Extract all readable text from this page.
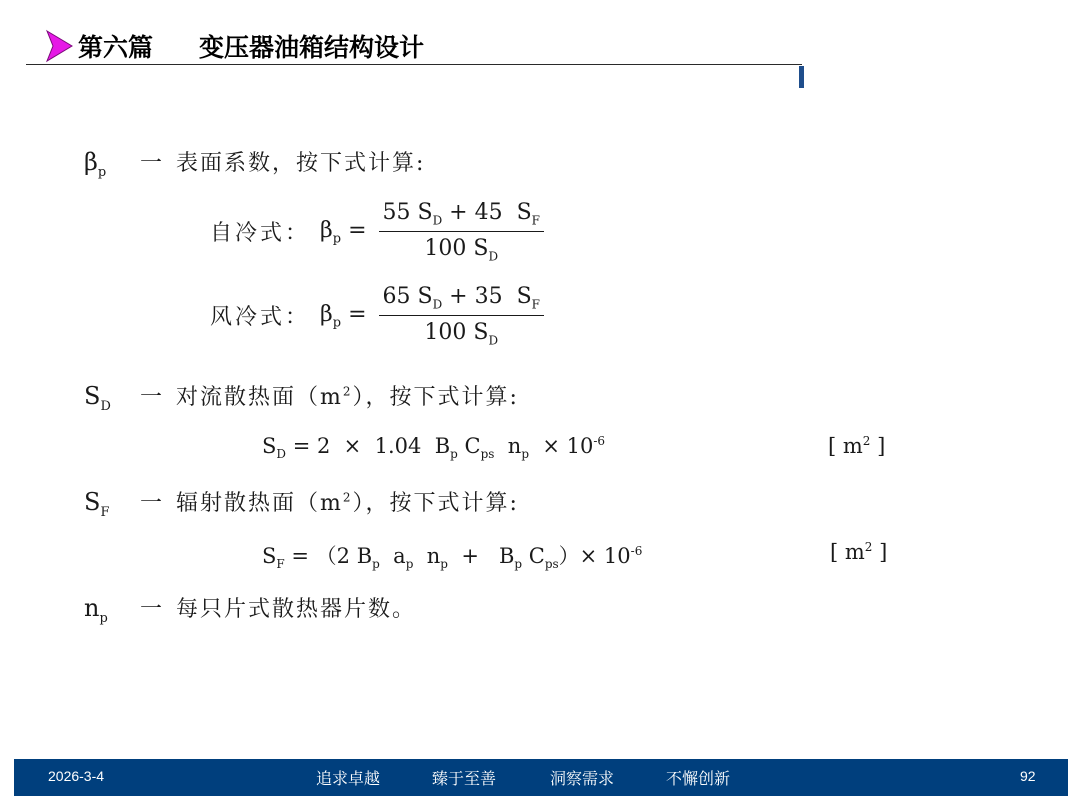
第六篇 变压器油箱结构设计
$\beta_p$	一 表面系数，按下式计算:
自冷式： $\beta_p = \frac{55 S_D + 45 S_F}{100 S_D}$
风冷式： $\beta_p = \frac{65 S_D + 35 S_F}{100 S_D}$
$S_D$	一 对流散热面$(m^2)$，按下式计算:
$S_D = 2 \times 1.04$  $B_p$ $C_{ps}$  $n_p \times 10^{-6}$	[ $m^2$ ]
$S_F$	一 辐射散热面$(m^2)$，按下式计算:
$S_F = (2$ $B_p$  $a_p$  $n_p + B_p$ $C_{ps})\times 10^{-6}$	[ $m^2$ ]
$n_p$	一 每只片式散热器片数。
2026-3-4	追求卓越	臻于至善	洞察需求	不懈创新	92
